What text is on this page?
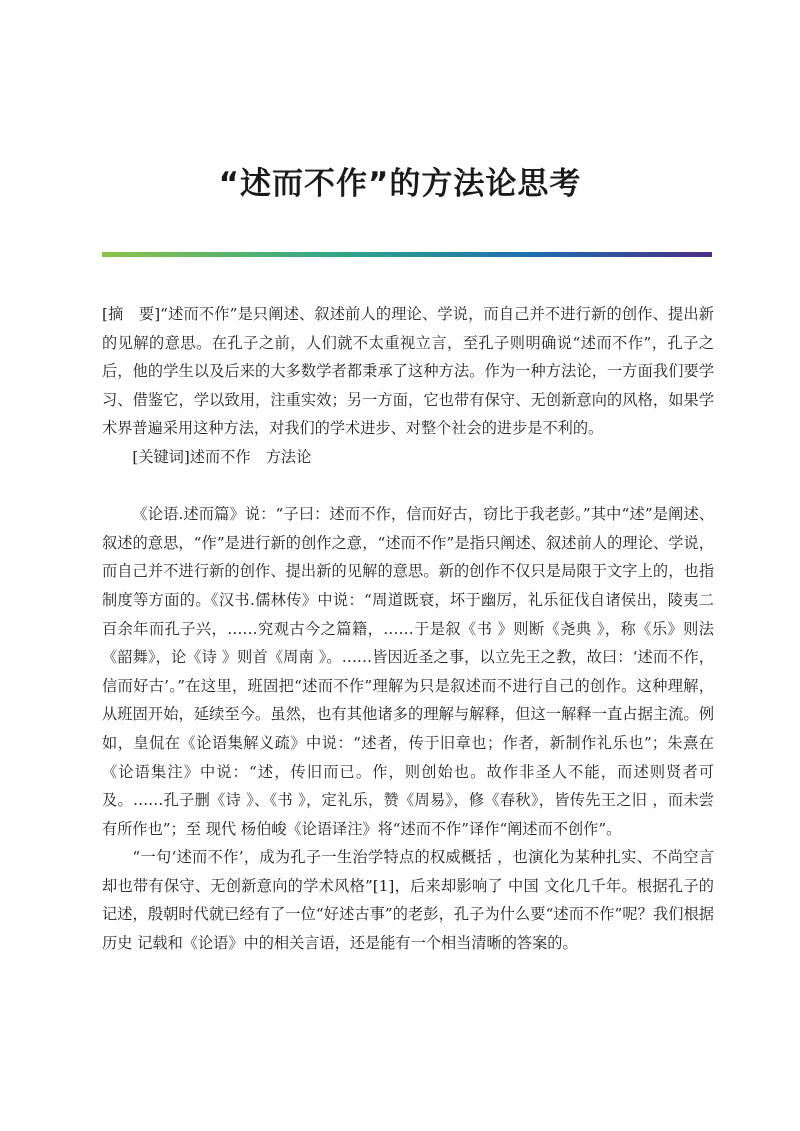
“述而不作”的方法论思考

[摘　要]“述而不作”是只阐述、叙述前人的理论、学说，而自己并不进行新的创作、提出新的见解的意思。在孔子之前，人们就不太重视立言，至孔子则明确说“述而不作”，孔子之后，他的学生以及后来的大多数学者都秉承了这种方法。作为一种方法论，一方面我们要学习、借鉴它，学以致用，注重实效；另一方面，它也带有保守、无创新意向的风格，如果学术界普遍采用这种方法，对我们的学术进步、对整个社会的进步是不利的。

[关键词]述而不作　方法论

《论语.述而篇》说：“子曰：述而不作，信而好古，窃比于我老彭。”其中“述”是阐述、叙述的意思，“作”是进行新的创作之意，“述而不作”是指只阐述、叙述前人的理论、学说，而自己并不进行新的创作、提出新的见解的意思。新的创作不仅只是局限于文字上的，也指制度等方面的。《汉书.儒林传》中说：“周道既衰，坏于幽厉，礼乐征伐自诸侯出，陵夷二百余年而孔子兴，……究观古今之篇籍，……于是叙《书 》则断《尧典 》，称《乐》则法《韶舞》，论《诗 》则首《周南 》。……皆因近圣之事，以立先王之教，故曰：‘述而不作，信而好古’。”在这里，班固把“述而不作”理解为只是叙述而不进行自己的创作。这种理解，从班固开始，延续至今。虽然，也有其他诸多的理解与解释，但这一解释一直占据主流。例如，皇侃在《论语集解义疏》中说：“述者，传于旧章也；作者，新制作礼乐也”；朱熹在《论语集注》中说：“述，传旧而已。作，则创始也。故作非圣人不能，而述则贤者可及。……孔子删《诗 》、《书 》，定礼乐，赞《周易》，修《春秋》，皆传先王之旧 ，而未尝有所作也”；至 现代 杨伯峻《论语译注》将“述而不作”译作“阐述而不创作”。

“一句‘述而不作’，成为孔子一生治学特点的权威概括 ，也演化为某种扎实、不尚空言却也带有保守、无创新意向的学术风格”[1]，后来却影响了 中国 文化几千年。根据孔子的记述，殷朝时代就已经有了一位“好述古事”的老彭，孔子为什么要“述而不作”呢？我们根据 历史 记载和《论语》中的相关言语，还是能有一个相当清晰的答案的。
